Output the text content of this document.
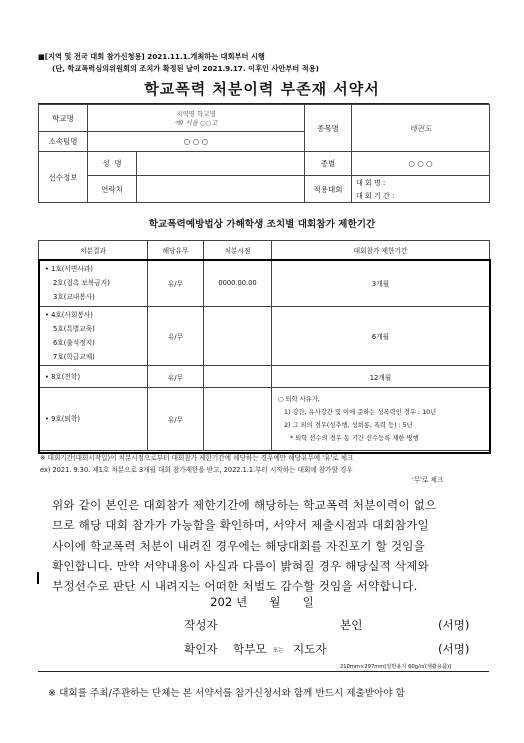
■[지역 및 전국 대회 참가신청용] 2021.11.1.개최하는 대회부터 시행
(단, 학교폭력심의위원회의 조치가 확정된 날이 2021.9.17. 이후인 사안부터 적용)
학교폭력 처분이력 부존재 서약서
학교명	지역명 학교명
예) 서울 ○○고		종목명	테권도
소속팀명	○ ○ ○			
선수정보	성  명		종별	○ ○ ○
	연락처		적용대회	대 회 명 :
대 회 기 간 :
학교폭력예방법상 가해학생 조치별 대회참가 제한기간
처분결과	해당유무	처분시점	대회참가 제한기간

• 1호(서면사과)
2호(접촉 보복금지)
3호(교내봉사)	유/무	0000.00.00	3개월

• 4호(사회봉사)
5호(특별교육)
6호(출석정지)
7호(학급교체)	유/무		6개월

• 8호(전학)	유/무		12개월

• 9호(퇴학)	유/무		○ 퇴학 사유가,
1) 강간, 유사강간 및 이에 준하는 성폭력인 경우 : 10년
2) 그 외의 경우(성추행, 성희롱, 폭력 등) : 5년
* 퇴학 선수의 경우 동 기간 선수등록 제한 병행
※ 대회기간(대회시작일)이 처분시점으로부터 대회참가 제한기간에 해당하는 경우에만 해당유무에 '유'로 체크
ex) 2021. 9.30. 제1호 처분으로 3개월 대회 참가제한을 받고, 2022.1.1.부터 시작하는 대회에 참가할 경우
'무'로 체크

위와 같이 본인은 대회참가 제한기간에 해당하는 학교폭력 처분이력이 없으

므로 해당 대회 참가가 가능함을 확인하며, 서약서 제출시점과 대회참가일

사이에 학교폭력 처분이 내려진 경우에는 해당대회를 자진포기 할 것임을

확인합니다. 만약 서약내용이 사실과 다름이 밝혀질 경우 해당실적 삭제와

부정선수로 판단 시 내려지는 어떠한 처벌도 감수할 것임을 서약합니다.

202 년      월      일
작성자	본인	(서명)
확인자 학부모 또는 지도자	(서명)
210mm×297mm[일반용지 60g/㎡(재활용품)]
※ 대회를 주최/주관하는 단체는 본 서약서를 참가신청서와 함께 반드시 제출받아야 함
